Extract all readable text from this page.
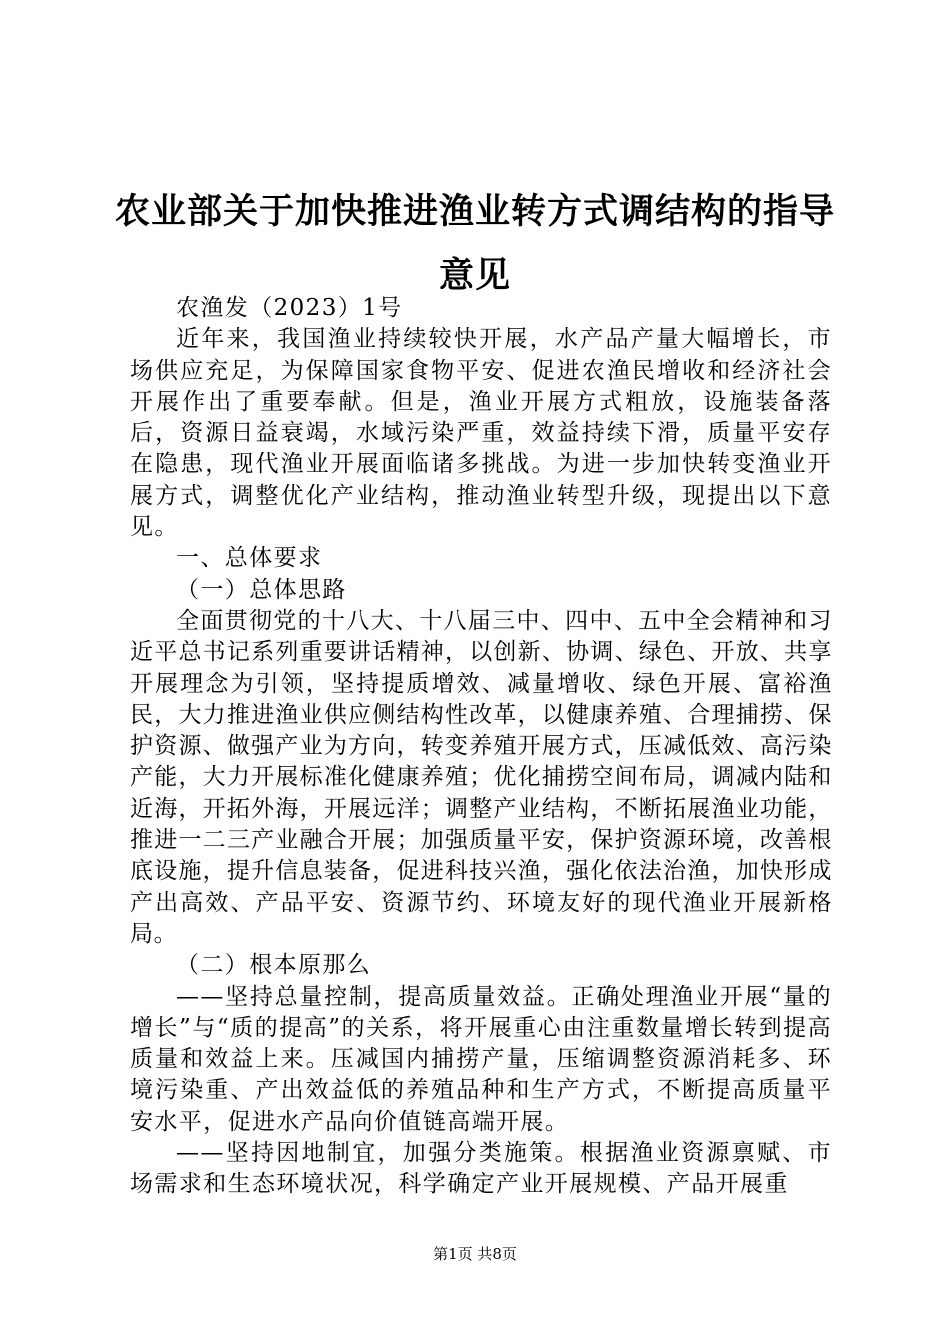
农业部关于加快推进渔业转方式调结构的指导意见

农渔发（2023）1号

近年来，我国渔业持续较快开展，水产品产量大幅增长，市场供应充足，为保障国家食物平安、促进农渔民增收和经济社会开展作出了重要奉献。但是，渔业开展方式粗放，设施装备落后，资源日益衰竭，水域污染严重，效益持续下滑，质量平安存在隐患，现代渔业开展面临诸多挑战。为进一步加快转变渔业开展方式，调整优化产业结构，推动渔业转型升级，现提出以下意见。

一、总体要求

（一）总体思路

全面贯彻党的十八大、十八届三中、四中、五中全会精神和习近平总书记系列重要讲话精神，以创新、协调、绿色、开放、共享开展理念为引领，坚持提质增效、减量增收、绿色开展、富裕渔民，大力推进渔业供应侧结构性改革，以健康养殖、合理捕捞、保护资源、做强产业为方向，转变养殖开展方式，压减低效、高污染产能，大力开展标准化健康养殖；优化捕捞空间布局，调减内陆和近海，开拓外海，开展远洋；调整产业结构，不断拓展渔业功能，推进一二三产业融合开展；加强质量平安，保护资源环境，改善根底设施，提升信息装备，促进科技兴渔，强化依法治渔，加快形成产出高效、产品平安、资源节约、环境友好的现代渔业开展新格局。

（二）根本原那么

——坚持总量控制，提高质量效益。正确处理渔业开展“量的增长”与“质的提高”的关系，将开展重心由注重数量增长转到提高质量和效益上来。压减国内捕捞产量，压缩调整资源消耗多、环境污染重、产出效益低的养殖品种和生产方式，不断提高质量平安水平，促进水产品向价值链高端开展。

——坚持因地制宜，加强分类施策。根据渔业资源禀赋、市场需求和生态环境状况，科学确定产业开展规模、产品开展重

第1页 共8页
